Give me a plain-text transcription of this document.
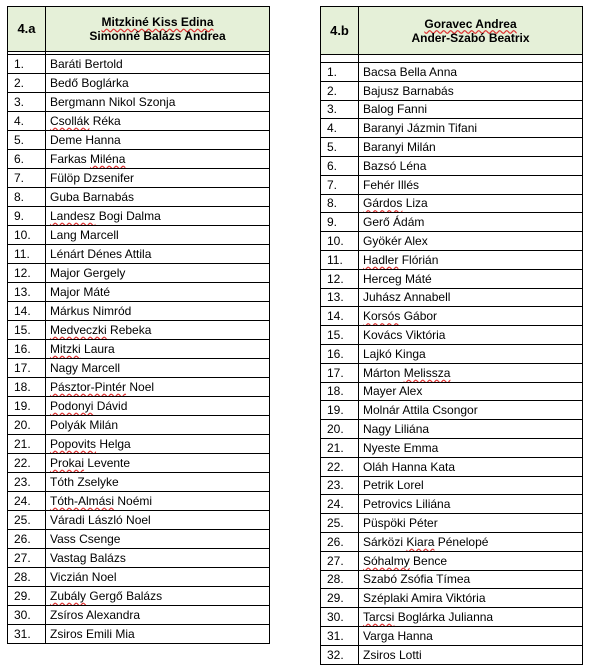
4.a	Mitzkiné Kiss Edina
Simonné Balázs Andrea

1.	Baráti Bertold
2.	Bedő Boglárka
3.	Bergmann Nikol Szonja
4.	Csollák Réka
5.	Deme Hanna
6.	Farkas Miléna
7.	Fülöp Dzsenifer
8.	Guba Barnabás
9.	Landesz Bogi Dalma
10.	Lang Marcell
11.	Lénárt Dénes Attila
12.	Major Gergely
13.	Major Máté
14.	Márkus Nimród
15.	Medveczki Rebeka
16.	Mitzki Laura
17.	Nagy Marcell
18.	Pásztor-Pintér Noel
19.	Podonyi Dávid
20.	Polyák Milán
21.	Popovits Helga
22.	Prokai Levente
23.	Tóth Zselyke
24.	Tóth-Almási Noémi
25.	Váradi László Noel
26.	Vass Csenge
27.	Vastag Balázs
28.	Viczián Noel
29.	Zubály Gergő Balázs
30.	Zsíros Alexandra
31.	Zsiros Emili Mia
4.b	Goravec Andrea
Ander-Szabó Beatrix

1.	Bacsa Bella Anna
2.	Bajusz Barnabás
3.	Balog Fanni
4.	Baranyi Jázmin Tifani
5.	Baranyi Milán
6.	Bazsó Léna
7.	Fehér Illés
8.	Gárdos Liza
9.	Gerő Ádám
10.	Gyökér Alex
11.	Hadler Flórián
12.	Herceg Máté
13.	Juhász Annabell
14.	Korsós Gábor
15.	Kovács Viktória
16.	Lajkó Kinga
17.	Márton Melissza
18.	Mayer Alex
19.	Molnár Attila Csongor
20.	Nagy Liliána
21.	Nyeste Emma
22.	Oláh Hanna Kata
23.	Petrik Lorel
24.	Petrovics Liliána
25.	Püspöki Péter
26.	Sárközi Kiara Pénelopé
27.	Sóhalmy Bence
28.	Szabó Zsófia Tímea
29.	Széplaki Amira Viktória
30.	Tarcsi Boglárka Julianna
31.	Varga Hanna
32.	Zsiros Lotti
